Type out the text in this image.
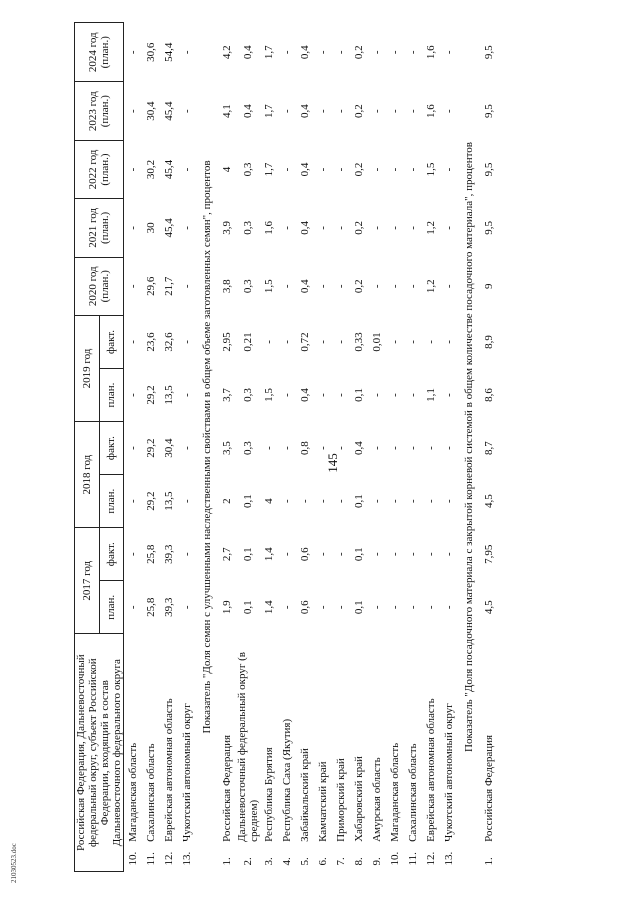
145
21030523.doc
Российская Федерация, Дальневосточный федеральный округ, субъект Российской Федерации, входящий в состав Дальневосточного федерального округа		2017 год		2018 год		2019 год		2020 год (план.)	2021 год (план.)	2022 год (план.)	2023 год (план.)	2024 год (план.)
		план.	факт.	план.	факт.	план.	факт.					
10.	Магаданская область	-	-	-	-	-	-	-	-	-	-	-
11.	Сахалинская область	25,8	25,8	29,2	29,2	29,2	23,6	29,6	30	30,2	30,4	30,6
12.	Еврейская автономная область	39,3	39,3	13,5	30,4	13,5	32,6	21,7	45,4	45,4	45,4	54,4
13.	Чукотский автономный округ	-	-	-	-	-	-	-	-	-	-	-
Показатель "Доля семян с улучшенными наследственными свойствами в общем объеме заготовленных семян", процентов												
1.	Российская Федерация	1,9	2,7	2	3,5	3,7	2,95	3,8	3,9	4	4,1	4,2
2.	Дальневосточный федеральный округ (в среднем)	0,1	0,1	0,1	0,3	0,3	0,21	0,3	0,3	0,3	0,4	0,4
3.	Республика Бурятия	1,4	1,4	4	-	1,5	-	1,5	1,6	1,7	1,7	1,7
4.	Республика Саха (Якутия)	-	-	-	-	-	-	-	-	-	-	-
5.	Забайкальский край	0,6	0,6	-	0,8	0,4	0,72	0,4	0,4	0,4	0,4	0,4
6.	Камчатский край	-	-	-	-	-	-	-	-	-	-	-
7.	Приморский край	-	-	-	-	-	-	-	-	-	-	-
8.	Хабаровский край	0,1	0,1	0,1	0,4	0,1	0,33	0,2	0,2	0,2	0,2	0,2
9.	Амурская область	-	-	-	-	-	0,01	-	-	-	-	-
10.	Магаданская область	-	-	-	-	-	-	-	-	-	-	-
11.	Сахалинская область	-	-	-	-	-	-	-	-	-	-	-
12.	Еврейская автономная область	-	-	-	-	1,1	-	1,2	1,2	1,5	1,6	1,6
13.	Чукотский автономный округ	-	-	-	-	-	-	-	-	-	-	-
Показатель "Доля посадочного материала с закрытой корневой системой в общем количестве посадочного материала", процентов												
1.	Российская Федерация	4,5	7,95	4,5	8,7	8,6	8,9	9	9,5	9,5	9,5	9,5
